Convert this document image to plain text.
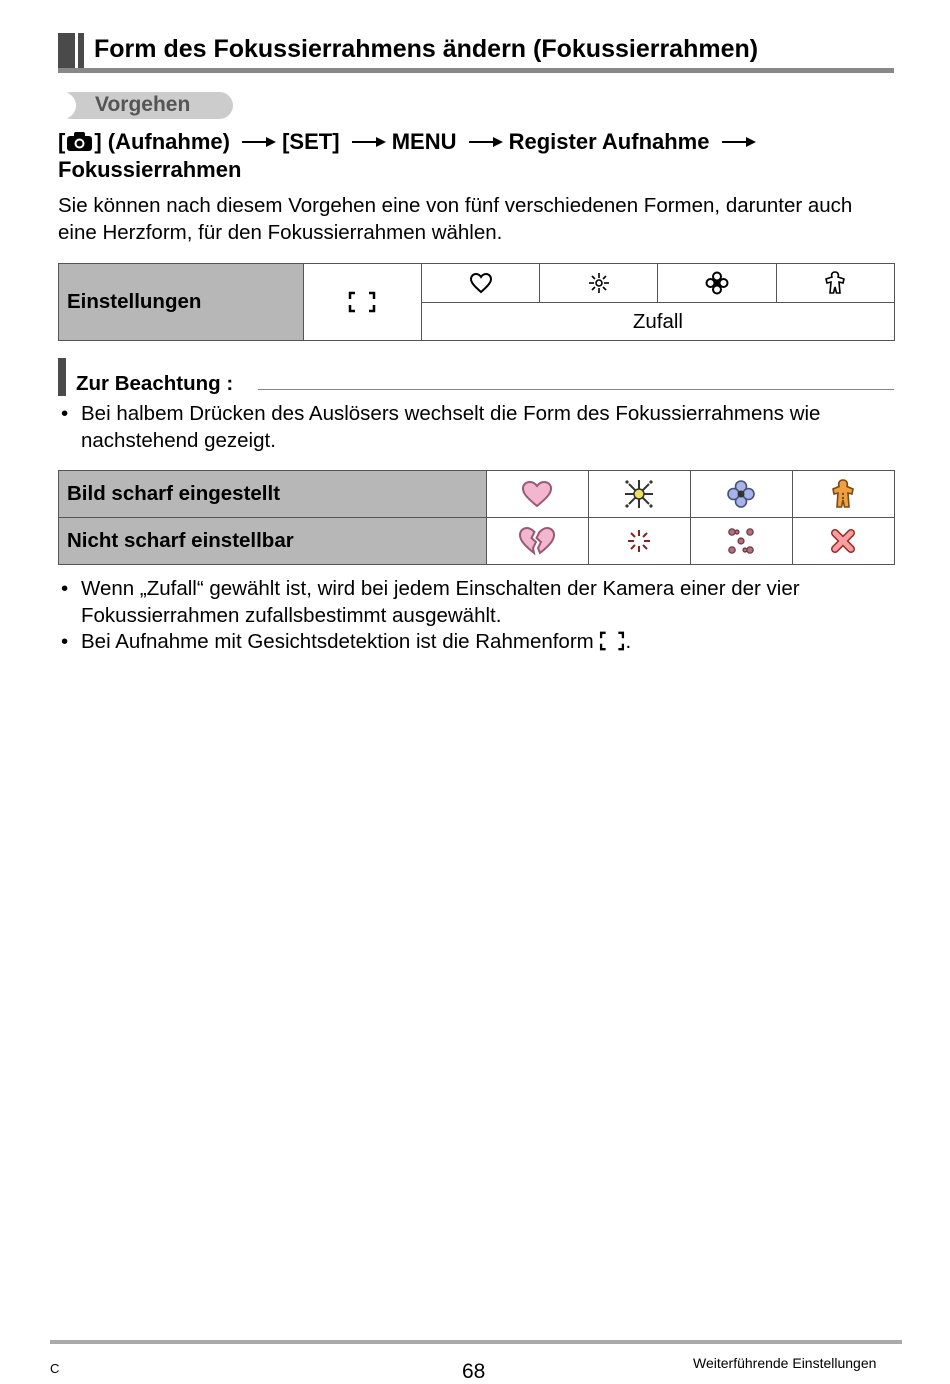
Form des Fokussierrahmens ändern (Fokussierrahmen)
Vorgehen
[ ] (Aufnahme) [SET] MENU Register Aufnahme
Fokussierrahmen
Sie können nach diesem Vorgehen eine von fünf verschiedenen Formen, darunter auch eine Herzform, für den Fokussierrahmen wählen.
Einstellungen	

Zufall
Zur Beachtung :
• Bei halbem Drücken des Auslösers wechselt die Form des Fokussierrahmens wie nachstehend gezeigt.
Bild scharf eingestellt	

Nicht scharf einstellbar	

• Wenn „Zufall“ gewählt ist, wird bei jedem Einschalten der Kamera einer der vier Fokussierrahmen zufallsbestimmt ausgewählt.
• Bei Aufnahme mit Gesichtsdetektion ist die Rahmenform .
C	68	Weiterführende Einstellungen
